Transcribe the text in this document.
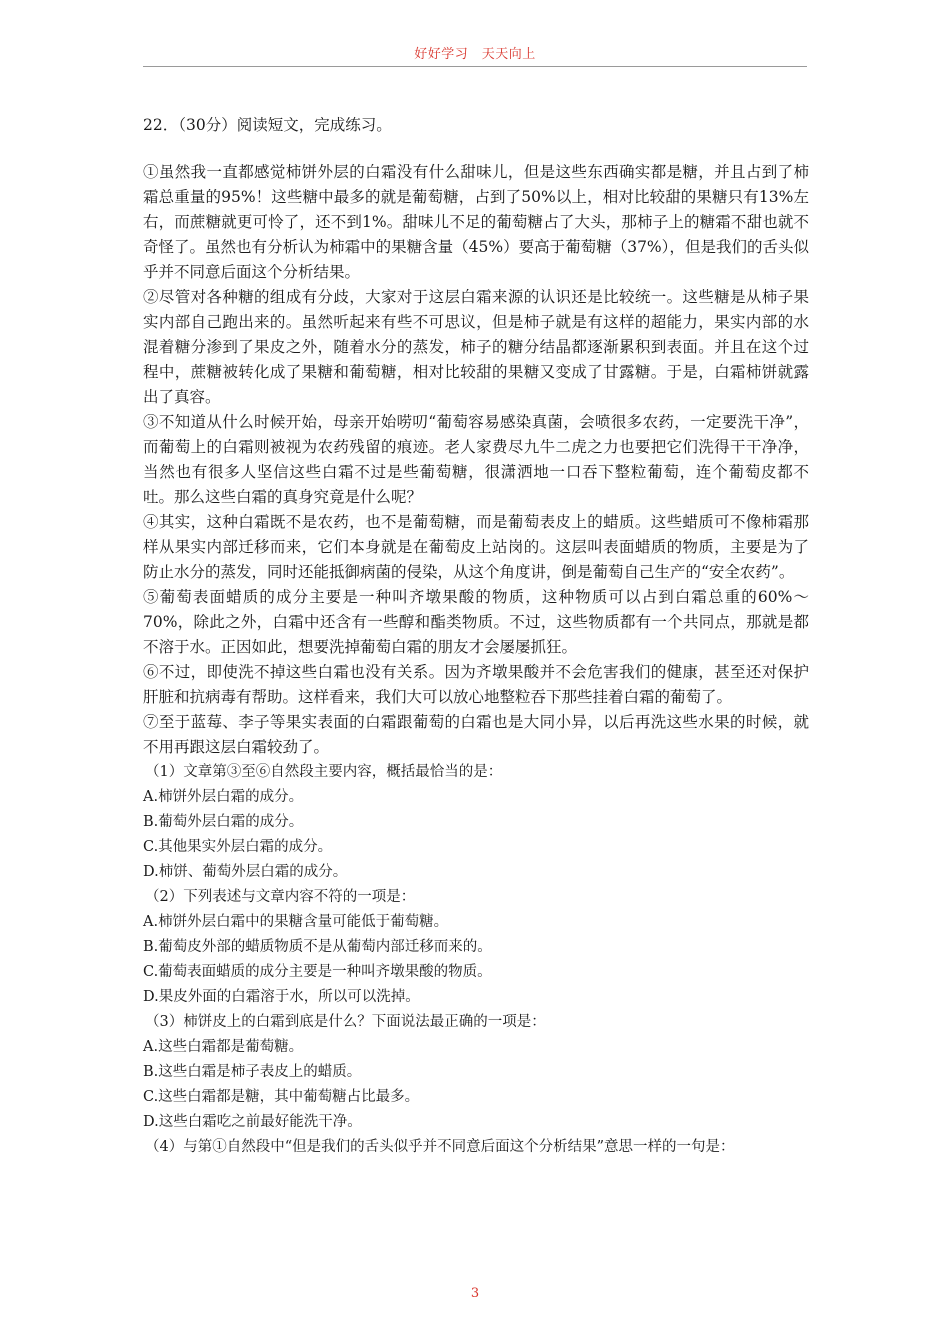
好好学习　天天向上
22．（30分）阅读短文，完成练习。

①虽然我一直都感觉柿饼外层的白霜没有什么甜味儿，但是这些东西确实都是糖，并且占到了柿霜总重量的95%！这些糖中最多的就是葡萄糖，占到了50%以上，相对比较甜的果糖只有13%左右，而蔗糖就更可怜了，还不到1%。甜味儿不足的葡萄糖占了大头，那柿子上的糖霜不甜也就不奇怪了。虽然也有分析认为柿霜中的果糖含量（45%）要高于葡萄糖（37%），但是我们的舌头似乎并不同意后面这个分析结果。

②尽管对各种糖的组成有分歧，大家对于这层白霜来源的认识还是比较统一。这些糖是从柿子果实内部自己跑出来的。虽然听起来有些不可思议，但是柿子就是有这样的超能力，果实内部的水混着糖分渗到了果皮之外，随着水分的蒸发，柿子的糖分结晶都逐渐累积到表面。并且在这个过程中，蔗糖被转化成了果糖和葡萄糖，相对比较甜的果糖又变成了甘露糖。于是，白霜柿饼就露出了真容。

③不知道从什么时候开始，母亲开始唠叨“葡萄容易感染真菌，会喷很多农药，一定要洗干净”，而葡萄上的白霜则被视为农药残留的痕迹。老人家费尽九牛二虎之力也要把它们洗得干干净净，当然也有很多人坚信这些白霜不过是些葡萄糖，很潇洒地一口吞下整粒葡萄，连个葡萄皮都不吐。那么这些白霜的真身究竟是什么呢？

④其实，这种白霜既不是农药，也不是葡萄糖，而是葡萄表皮上的蜡质。这些蜡质可不像柿霜那样从果实内部迁移而来，它们本身就是在葡萄皮上站岗的。这层叫表面蜡质的物质，主要是为了防止水分的蒸发，同时还能抵御病菌的侵染，从这个角度讲，倒是葡萄自己生产的“安全农药”。

⑤葡萄表面蜡质的成分主要是一种叫齐墩果酸的物质，这种物质可以占到白霜总重的60%～70%，除此之外，白霜中还含有一些醇和酯类物质。不过，这些物质都有一个共同点，那就是都不溶于水。正因如此，想要洗掉葡萄白霜的朋友才会屡屡抓狂。

⑥不过，即使洗不掉这些白霜也没有关系。因为齐墩果酸并不会危害我们的健康，甚至还对保护肝脏和抗病毒有帮助。这样看来，我们大可以放心地整粒吞下那些挂着白霜的葡萄了。

⑦至于蓝莓、李子等果实表面的白霜跟葡萄的白霜也是大同小异，以后再洗这些水果的时候，就不用再跟这层白霜较劲了。

（1）文章第③至⑥自然段主要内容，概括最恰当的是：
A.柿饼外层白霜的成分。
B.葡萄外层白霜的成分。
C.其他果实外层白霜的成分。
D.柿饼、葡萄外层白霜的成分。
（2）下列表述与文章内容不符的一项是：
A.柿饼外层白霜中的果糖含量可能低于葡萄糖。
B.葡萄皮外部的蜡质物质不是从葡萄内部迁移而来的。
C.葡萄表面蜡质的成分主要是一种叫齐墩果酸的物质。
D.果皮外面的白霜溶于水，所以可以洗掉。
（3）柿饼皮上的白霜到底是什么？下面说法最正确的一项是：
A.这些白霜都是葡萄糖。
B.这些白霜是柿子表皮上的蜡质。
C.这些白霜都是糖，其中葡萄糖占比最多。
D.这些白霜吃之前最好能洗干净。
（4）与第①自然段中“但是我们的舌头似乎并不同意后面这个分析结果”意思一样的一句是：
3
